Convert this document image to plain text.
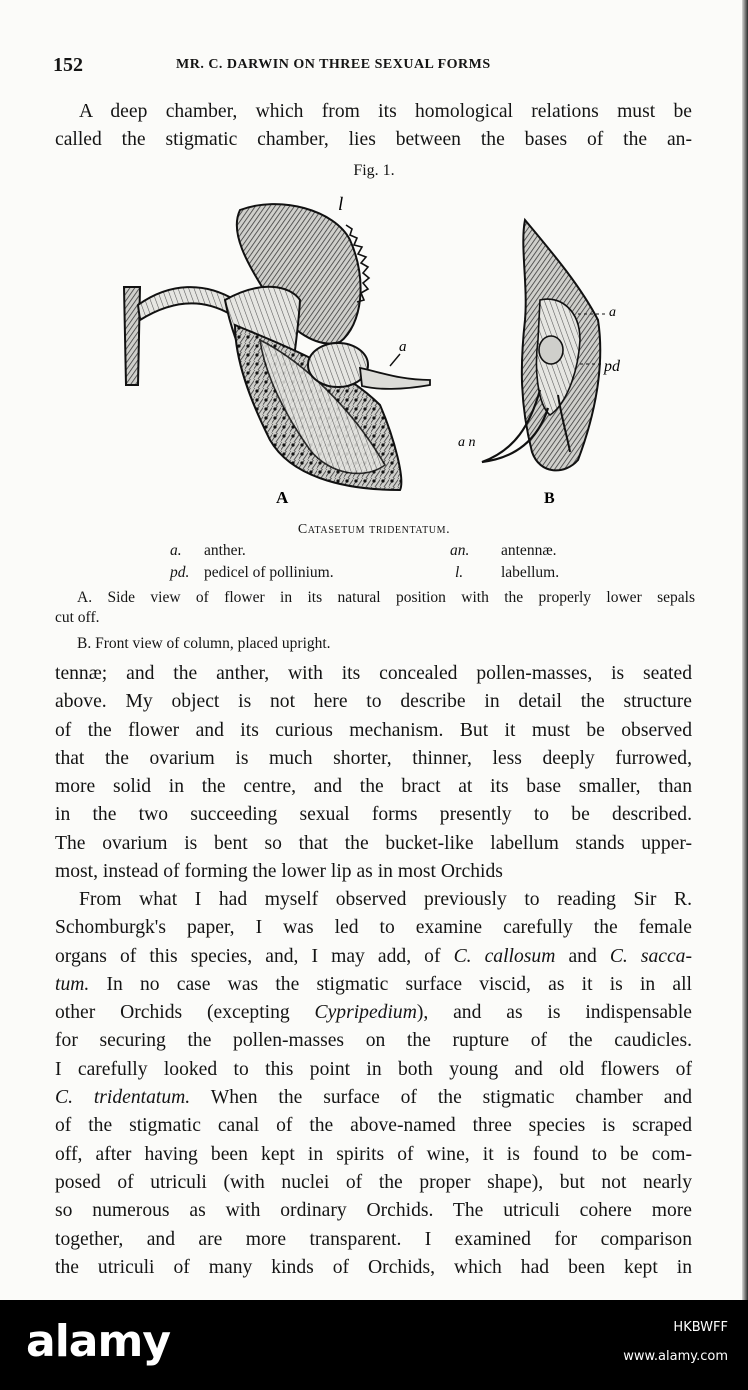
152	MR. C. DARWIN ON THREE SEXUAL FORMS
A deep chamber, which from its homological relations must be
called the stigmatic chamber, lies between the bases of the an-
Fig. 1.
l
a
A
a
pd
a n
B
Catasetum tridentatum.
a. anther.	an. antennæ.
pd. pedicel of pollinium.	l. labellum.
A. Side view of flower in its natural position with the properly lower sepals
cut off.
B. Front view of column, placed upright.
tennæ; and the anther, with its concealed pollen-masses, is seated
above. My object is not here to describe in detail the structure
of the flower and its curious mechanism. But it must be observed
that the ovarium is much shorter, thinner, less deeply furrowed,
more solid in the centre, and the bract at its base smaller, than
in the two succeeding sexual forms presently to be described.
The ovarium is bent so that the bucket-like labellum stands upper-
most, instead of forming the lower lip as in most Orchids
From what I had myself observed previously to reading Sir R.
Schomburgk's paper, I was led to examine carefully the female
organs of this species, and, I may add, of C. callosum and C. sacca-
tum. In no case was the stigmatic surface viscid, as it is in all
other Orchids (excepting Cypripedium), and as is indispensable
for securing the pollen-masses on the rupture of the caudicles.
I carefully looked to this point in both young and old flowers of
C. tridentatum. When the surface of the stigmatic chamber and
of the stigmatic canal of the above-named three species is scraped
off, after having been kept in spirits of wine, it is found to be com-
posed of utriculi (with nuclei of the proper shape), but not nearly
so numerous as with ordinary Orchids. The utriculi cohere more
together, and are more transparent. I examined for comparison
the utriculi of many kinds of Orchids, which had been kept in
alamy	HKBWFF
www.alamy.com
